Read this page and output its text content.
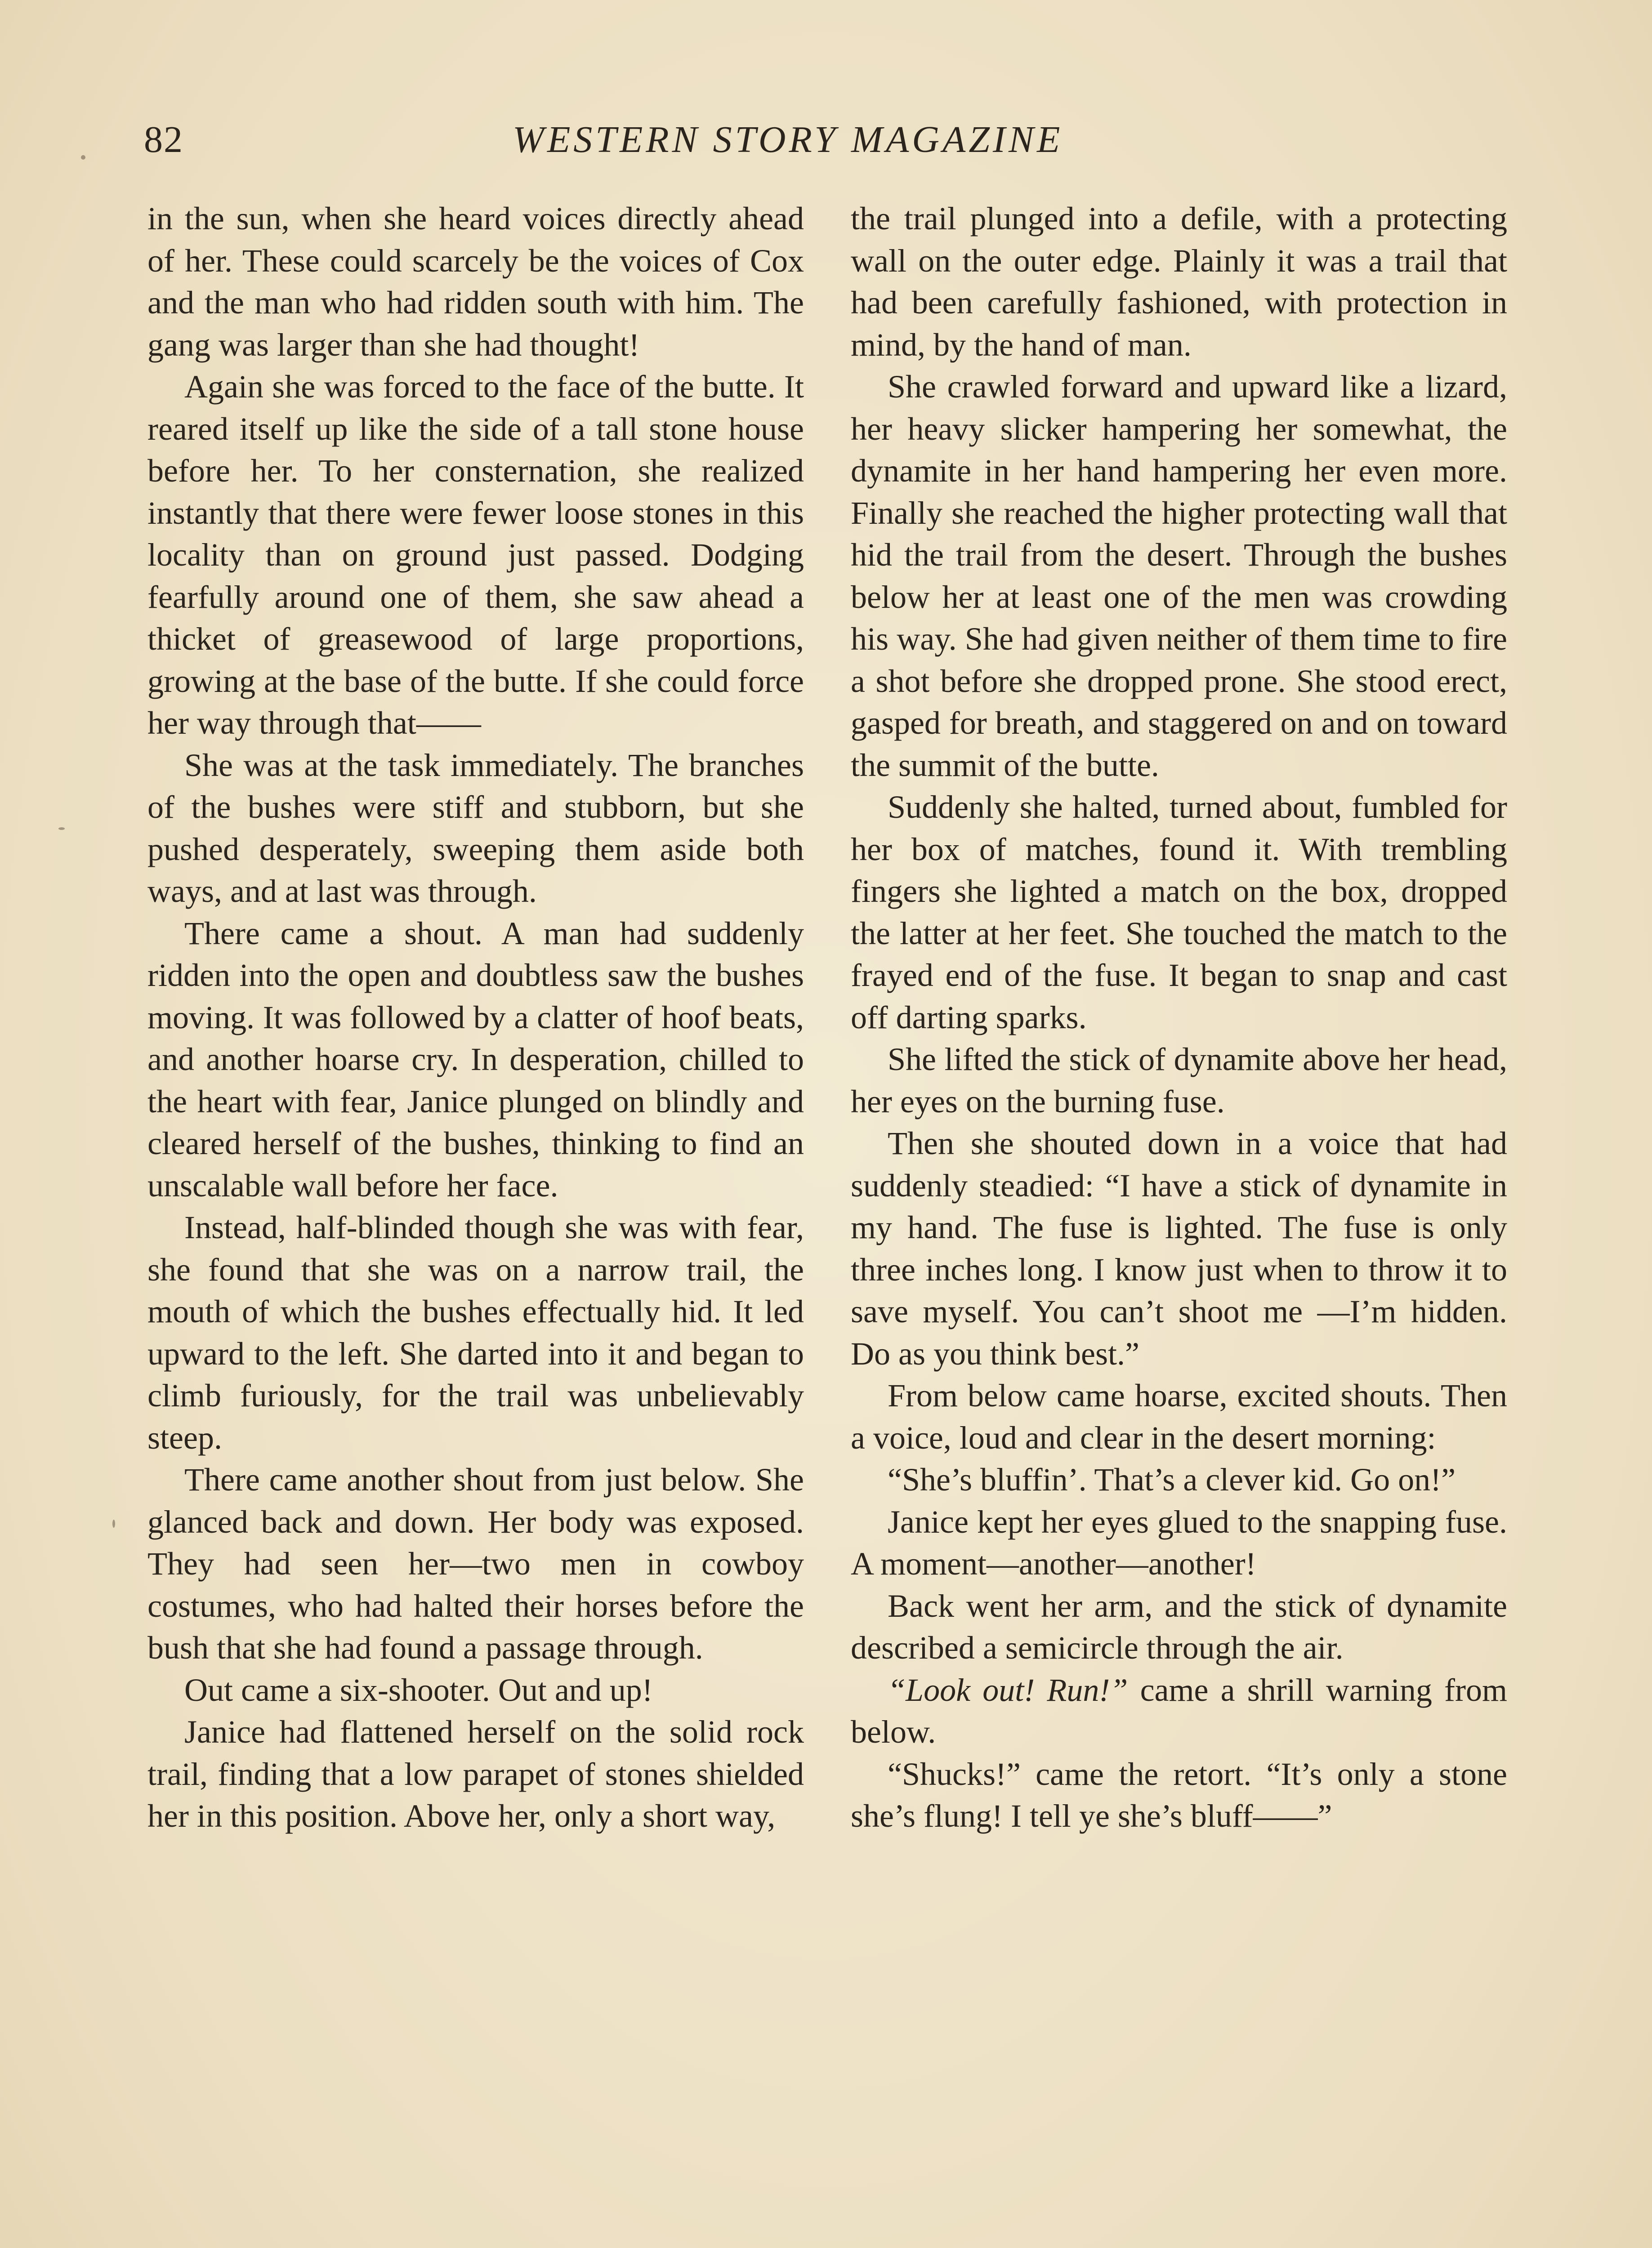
82	WESTERN STORY MAGAZINE

in the sun, when she heard voices directly ahead of her. These could scarcely be the voices of Cox and the man who had ridden south with him. The gang was larger than she had thought!

Again she was forced to the face of the butte. It reared itself up like the side of a tall stone house before her. To her consternation, she realized instantly that there were fewer loose stones in this locality than on ground just passed. Dodging fearfully around one of them, she saw ahead a thicket of greasewood of large proportions, growing at the base of the butte. If she could force her way through that——

She was at the task immediately. The branches of the bushes were stiff and stubborn, but she pushed desperately, sweeping them aside both ways, and at last was through.

There came a shout. A man had suddenly ridden into the open and doubtless saw the bushes moving. It was followed by a clatter of hoof beats, and another hoarse cry. In desperation, chilled to the heart with fear, Janice plunged on blindly and cleared herself of the bushes, thinking to find an unscalable wall before her face.

Instead, half-blinded though she was with fear, she found that she was on a narrow trail, the mouth of which the bushes effectually hid. It led upward to the left. She darted into it and began to climb furiously, for the trail was unbelievably steep.

There came another shout from just below. She glanced back and down. Her body was exposed. They had seen her—two men in cowboy costumes, who had halted their horses before the bush that she had found a passage through.

Out came a six-shooter. Out and up!

Janice had flattened herself on the solid rock trail, finding that a low parapet of stones shielded her in this position. Above her, only a short way,

the trail plunged into a defile, with a protecting wall on the outer edge. Plainly it was a trail that had been carefully fashioned, with protection in mind, by the hand of man.

She crawled forward and upward like a lizard, her heavy slicker hampering her somewhat, the dynamite in her hand hampering her even more. Finally she reached the higher protecting wall that hid the trail from the desert. Through the bushes below her at least one of the men was crowding his way. She had given neither of them time to fire a shot before she dropped prone. She stood erect, gasped for breath, and staggered on and on toward the summit of the butte.

Suddenly she halted, turned about, fumbled for her box of matches, found it. With trembling fingers she lighted a match on the box, dropped the latter at her feet. She touched the match to the frayed end of the fuse. It began to snap and cast off darting sparks.

She lifted the stick of dynamite above her head, her eyes on the burning fuse.

Then she shouted down in a voice that had suddenly steadied: “I have a stick of dynamite in my hand. The fuse is lighted. The fuse is only three inches long. I know just when to throw it to save myself. You can’t shoot me —I’m hidden. Do as you think best.”

From below came hoarse, excited shouts. Then a voice, loud and clear in the desert morning:

“She’s bluffin’. That’s a clever kid. Go on!”

Janice kept her eyes glued to the snapping fuse. A moment—another—another!

Back went her arm, and the stick of dynamite described a semicircle through the air.

“Look out! Run!” came a shrill warning from below.

“Shucks!” came the retort. “It’s only a stone she’s flung! I tell ye she’s bluff——”
